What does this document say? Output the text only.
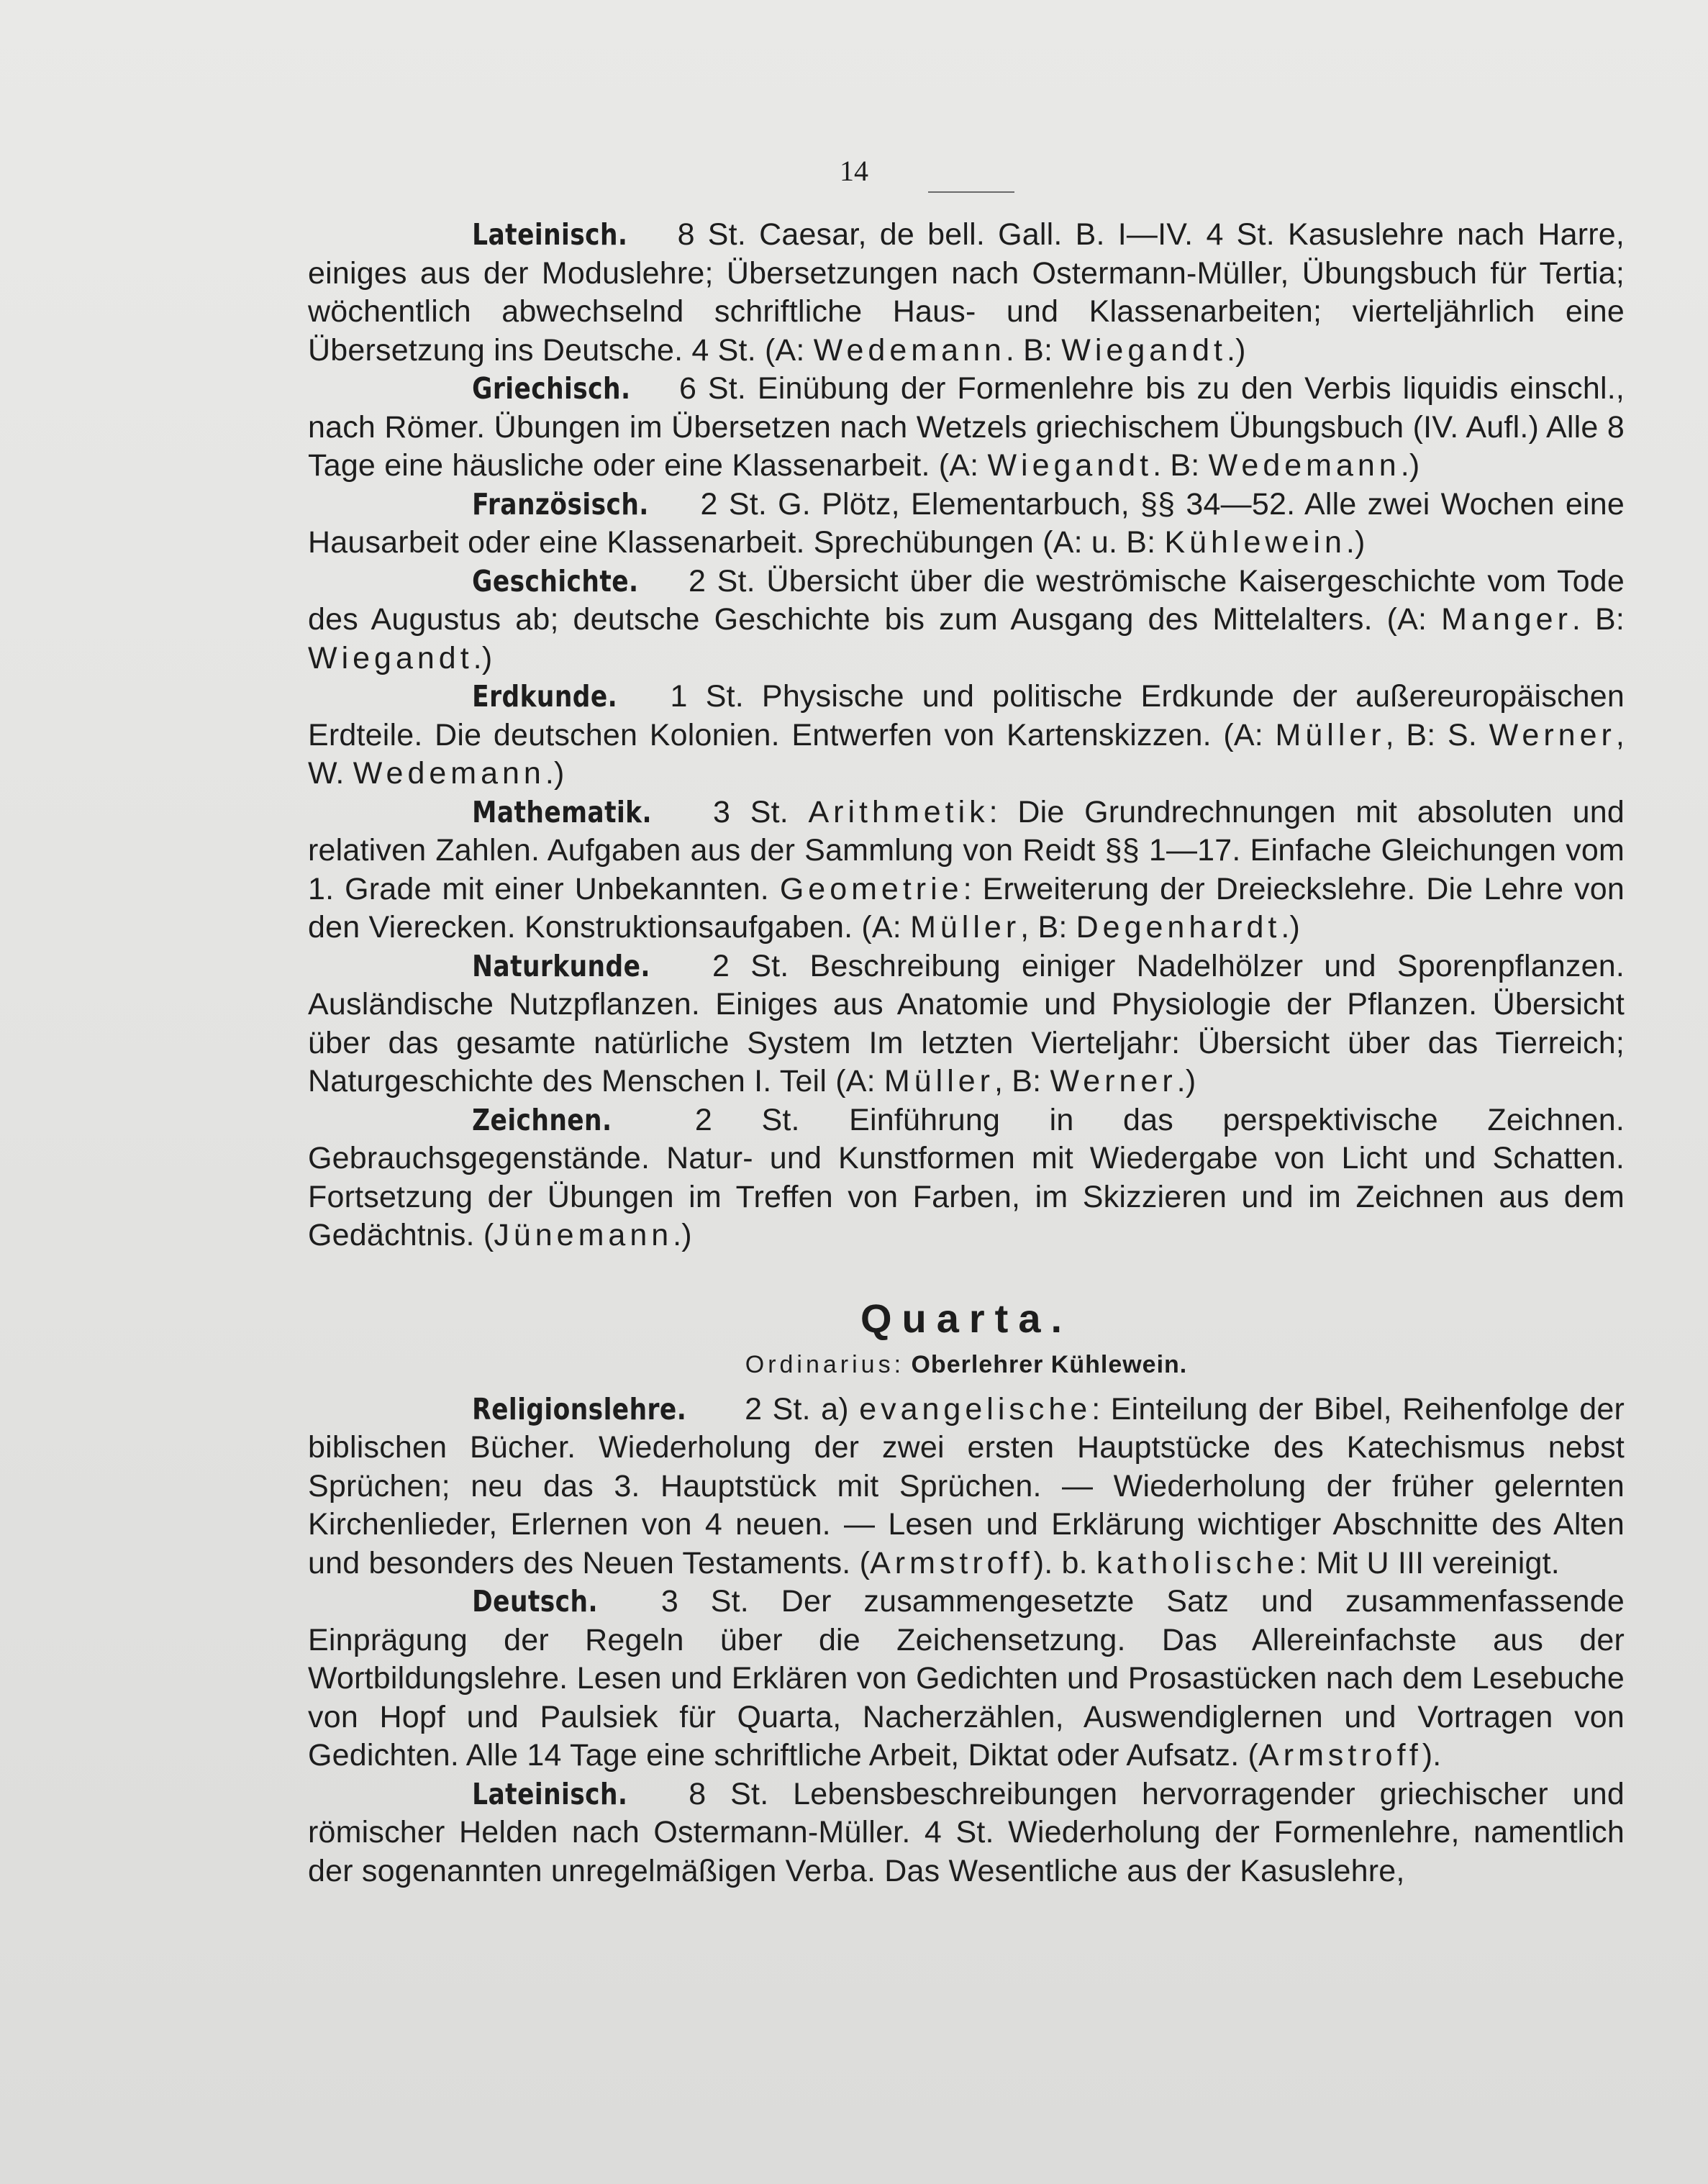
14

Lateinisch. 8 St. Caesar, de bell. Gall. B. I—IV. 4 St. Kasuslehre nach Harre, einiges aus der Moduslehre; Übersetzungen nach Ostermann-Müller, Übungsbuch für Tertia; wöchentlich abwechselnd schriftliche Haus- und Klassenarbeiten; vierteljährlich eine Übersetzung ins Deutsche. 4 St. (A: Wedemann. B: Wiegandt.)

Griechisch. 6 St. Einübung der Formenlehre bis zu den Verbis liquidis einschl., nach Römer. Übungen im Übersetzen nach Wetzels griechischem Übungsbuch (IV. Aufl.) Alle 8 Tage eine häusliche oder eine Klassenarbeit. (A: Wiegandt. B: Wedemann.)

Französisch. 2 St. G. Plötz, Elementarbuch, §§ 34—52. Alle zwei Wochen eine Hausarbeit oder eine Klassenarbeit. Sprechübungen (A: u. B: Kühlewein.)

Geschichte. 2 St. Übersicht über die weströmische Kaisergeschichte vom Tode des Augustus ab; deutsche Geschichte bis zum Ausgang des Mittelalters. (A: Manger. B: Wiegandt.)

Erdkunde. 1 St. Physische und politische Erdkunde der außereuropäischen Erdteile. Die deutschen Kolonien. Entwerfen von Kartenskizzen. (A: Müller, B: S. Werner, W. Wedemann.)

Mathematik. 3 St. Arithmetik: Die Grundrechnungen mit absoluten und relativen Zahlen. Aufgaben aus der Sammlung von Reidt §§ 1—17. Einfache Gleichungen vom 1. Grade mit einer Unbekannten. Geometrie: Erweiterung der Dreieckslehre. Die Lehre von den Vierecken. Konstruktionsaufgaben. (A: Müller, B: Degenhardt.)

Naturkunde. 2 St. Beschreibung einiger Nadelhölzer und Sporenpflanzen. Ausländische Nutzpflanzen. Einiges aus Anatomie und Physiologie der Pflanzen. Übersicht über das gesamte natürliche System Im letzten Vierteljahr: Übersicht über das Tierreich; Naturgeschichte des Menschen I. Teil (A: Müller, B: Werner.)

Zeichnen. 2 St. Einführung in das perspektivische Zeichnen. Gebrauchsgegenstände. Natur- und Kunstformen mit Wiedergabe von Licht und Schatten. Fortsetzung der Übungen im Treffen von Farben, im Skizzieren und im Zeichnen aus dem Gedächtnis. (Jünemann.)

Quarta.

Ordinarius: Oberlehrer Kühlewein.

Religionslehre. 2 St. a) evangelische: Einteilung der Bibel, Reihenfolge der biblischen Bücher. Wiederholung der zwei ersten Hauptstücke des Katechismus nebst Sprüchen; neu das 3. Hauptstück mit Sprüchen. — Wiederholung der früher gelernten Kirchenlieder, Erlernen von 4 neuen. — Lesen und Erklärung wichtiger Abschnitte des Alten und besonders des Neuen Testaments. (Armstroff). b. katholische: Mit U III vereinigt.

Deutsch. 3 St. Der zusammengesetzte Satz und zusammenfassende Einprägung der Regeln über die Zeichensetzung. Das Allereinfachste aus der Wortbildungslehre. Lesen und Erklären von Gedichten und Prosastücken nach dem Lesebuche von Hopf und Paulsiek für Quarta, Nacherzählen, Auswendiglernen und Vortragen von Gedichten. Alle 14 Tage eine schriftliche Arbeit, Diktat oder Aufsatz. (Armstroff).

Lateinisch. 8 St. Lebensbeschreibungen hervorragender griechischer und römischer Helden nach Ostermann-Müller. 4 St. Wiederholung der Formenlehre, namentlich der sogenannten unregelmäßigen Verba. Das Wesentliche aus der Kasuslehre,
